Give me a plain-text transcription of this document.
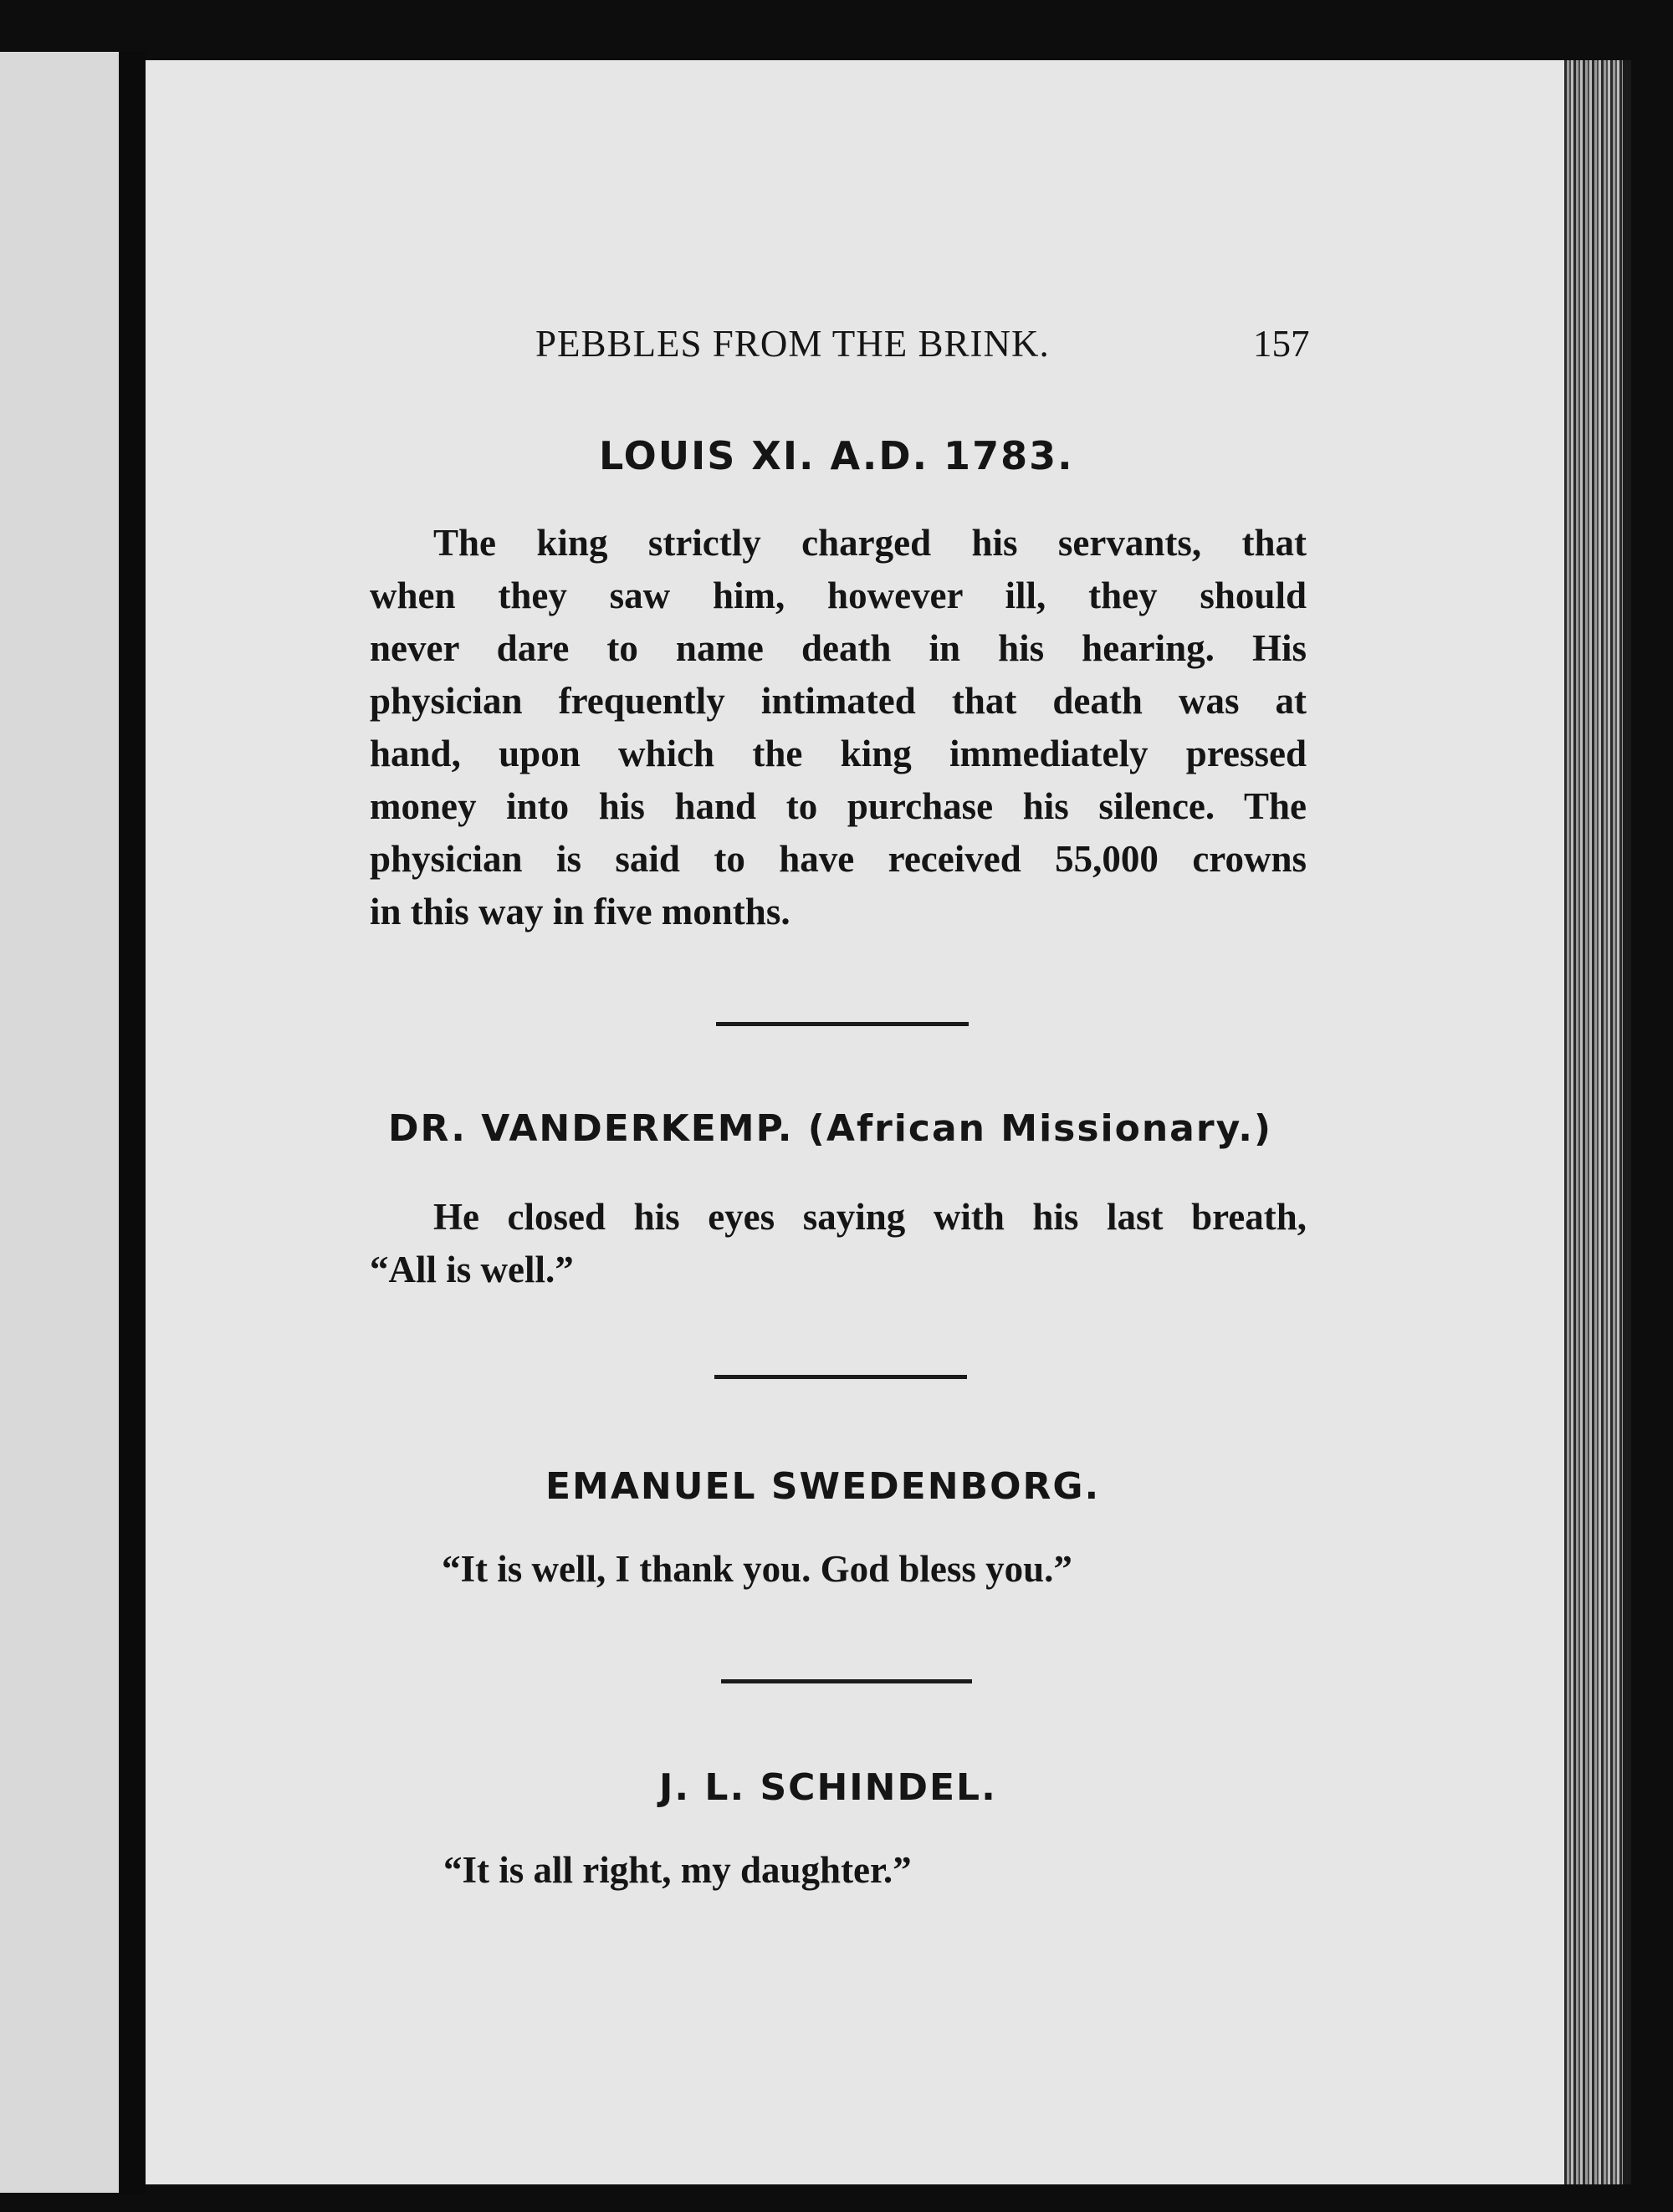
PEBBLES FROM THE BRINK.	157
LOUIS XI. A.D. 1783.
The king strictly charged his servants, that
when they saw him, however ill, they should
never dare to name death in his hearing. His
physician frequently intimated that death was at
hand, upon which the king immediately pressed
money into his hand to purchase his silence. The
physician is said to have received 55,000 crowns
in this way in five months.
DR. VANDERKEMP. (African Missionary.)
He closed his eyes saying with his last breath,
“All is well.”
EMANUEL SWEDENBORG.
“It is well, I thank you. God bless you.”
J. L. SCHINDEL.
“It is all right, my daughter.”
